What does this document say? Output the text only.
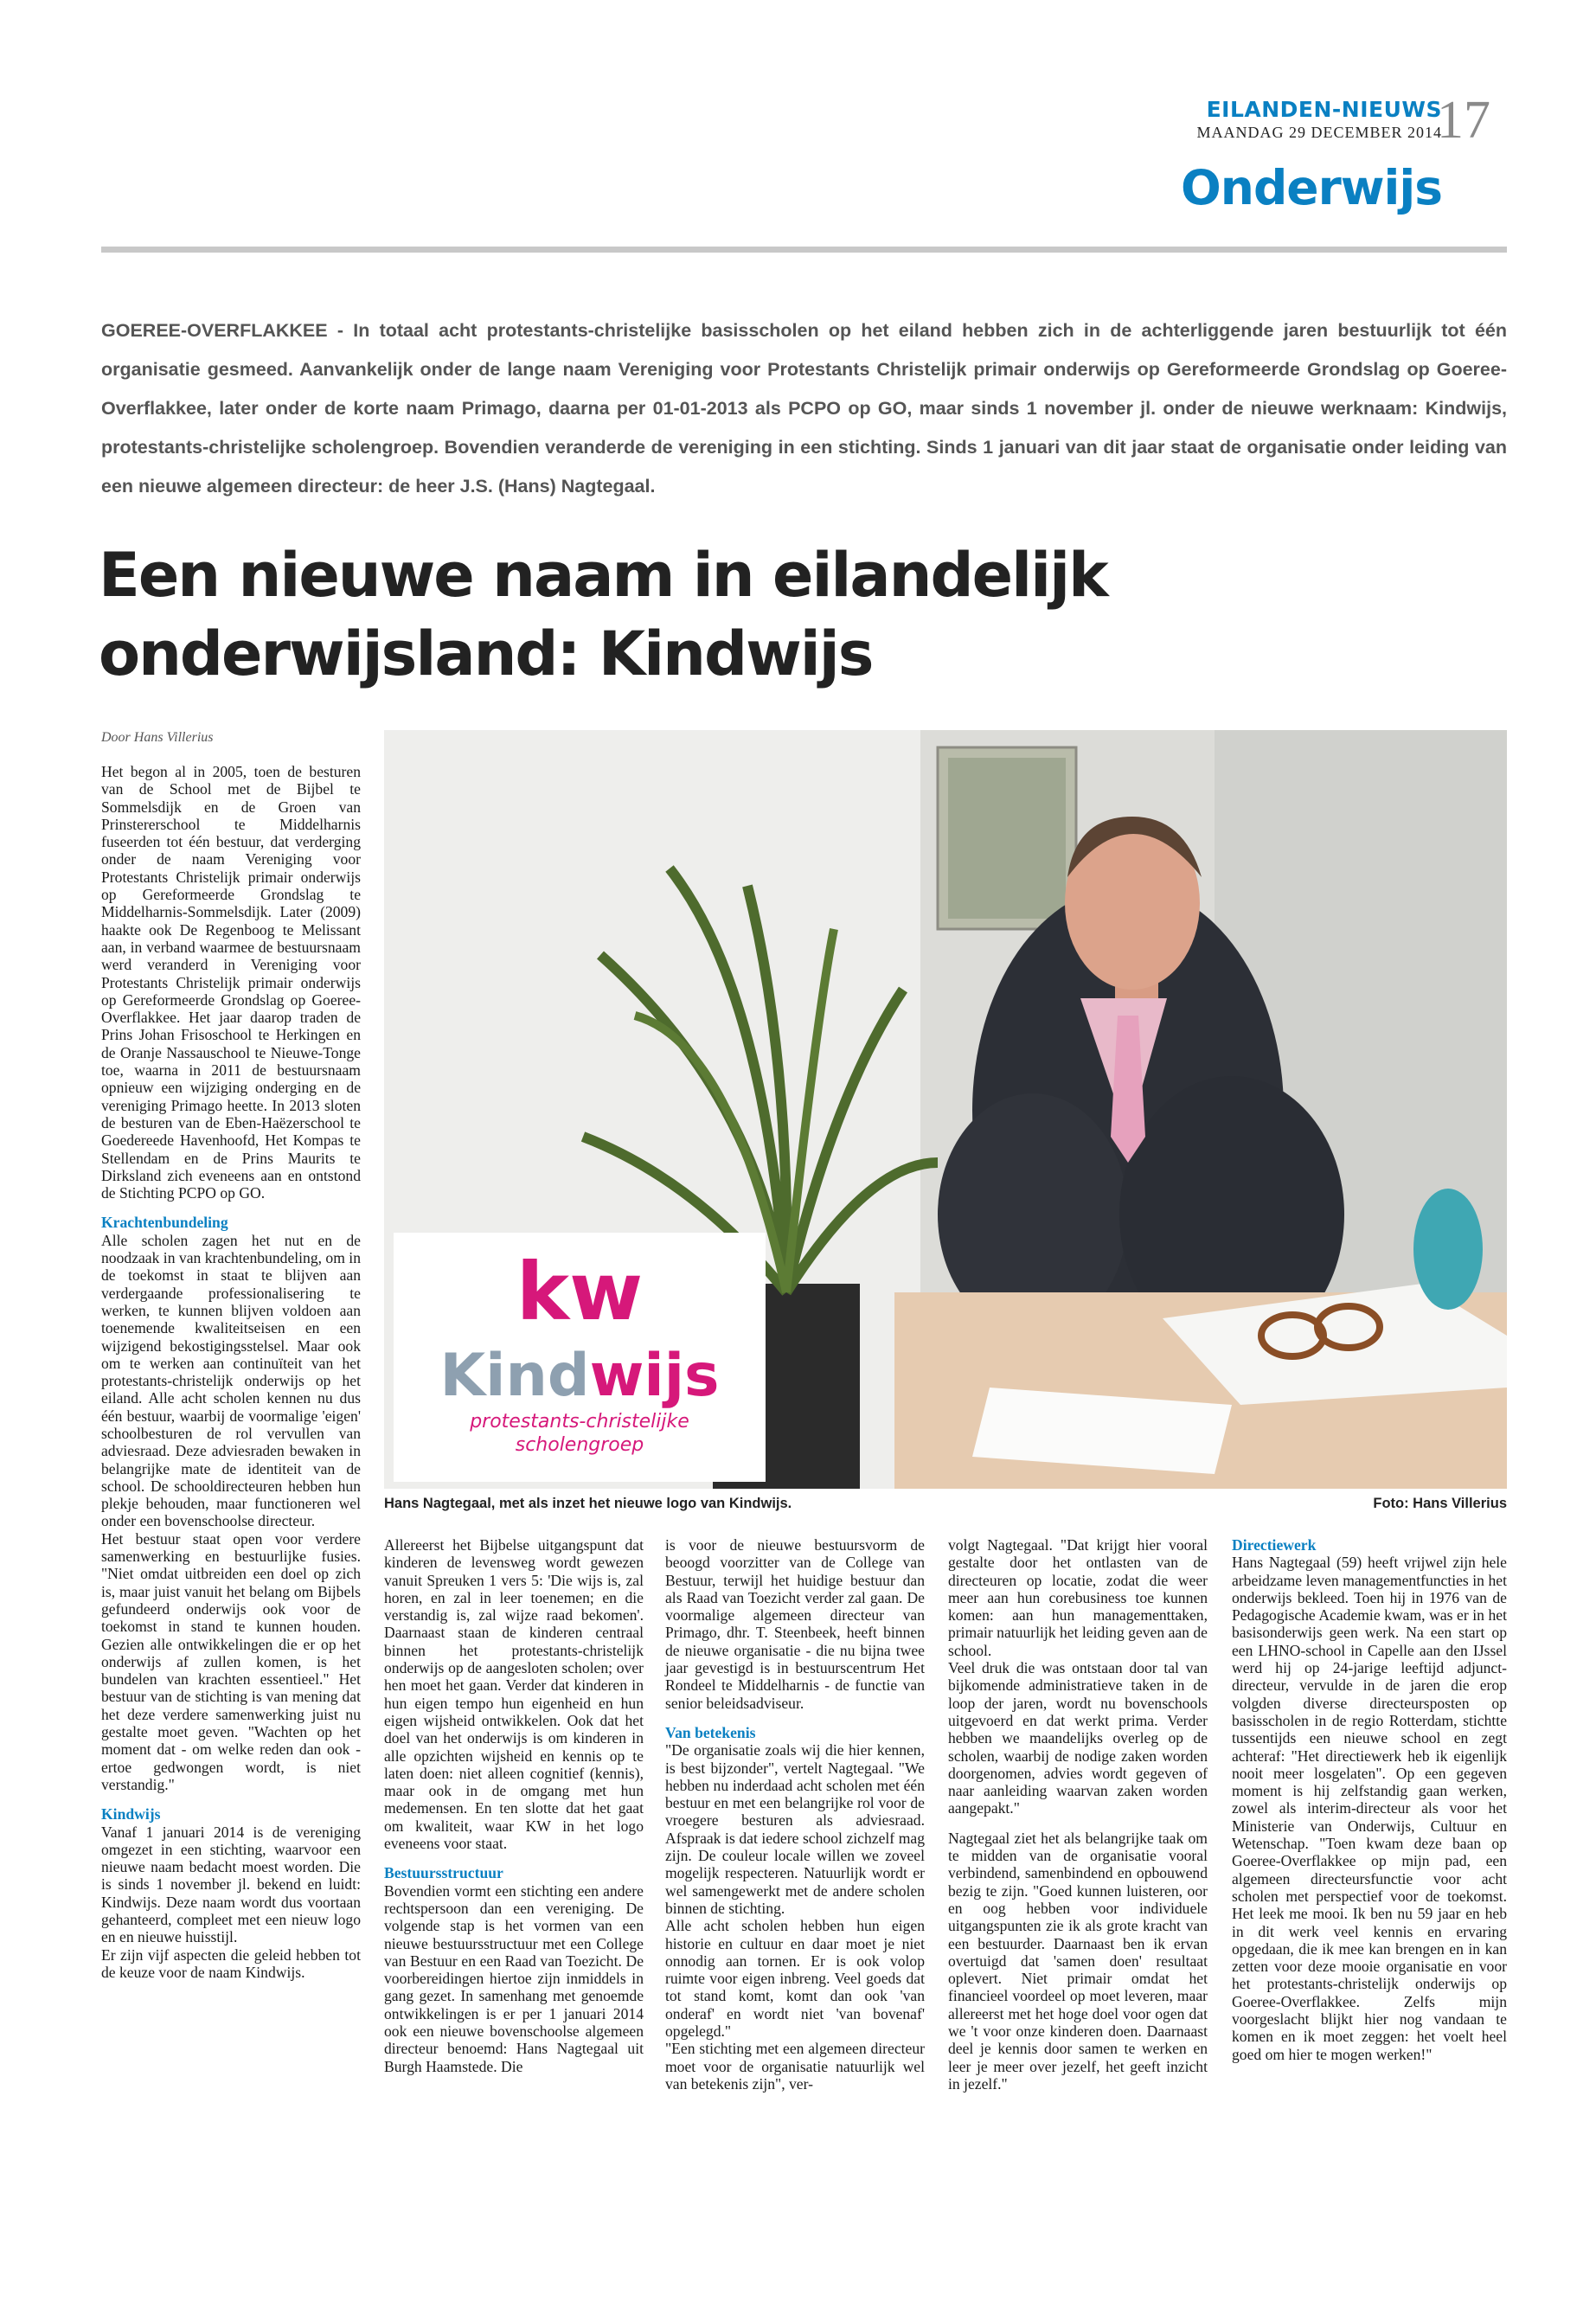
EILANDEN-NIEUWS
MAANDAG 29 DECEMBER 2014
17
Onderwijs
GOEREE-OVERFLAKKEE - In totaal acht protestants-christelijke basisscholen op het eiland hebben zich in de achterliggende jaren bestuurlijk tot één organisatie gesmeed. Aanvankelijk onder de lange naam Vereniging voor Protestants Christelijk primair onderwijs op Gereformeerde Grondslag op Goeree-Overflakkee, later onder de korte naam Primago, daarna per 01-01-2013 als PCPO op GO, maar sinds 1 november jl. onder de nieuwe werknaam: Kindwijs, protestants-christelijke scholengroep. Bovendien veranderde de vereniging in een stichting. Sinds 1 januari van dit jaar staat de organisatie onder leiding van een nieuwe algemeen directeur: de heer J.S. (Hans) Nagtegaal.
Een nieuwe naam in eilandelijk
onderwijsland: Kindwijs
Door Hans Villerius

Het begon al in 2005, toen de besturen van de School met de Bijbel te Sommelsdijk en de Groen van Prinstererschool te Middelharnis fuseerden tot één bestuur, dat verderging onder de naam Vereniging voor Protestants Christelijk primair onderwijs op Gereformeerde Grondslag te Middelharnis-Sommelsdijk. Later (2009) haakte ook De Regenboog te Melissant aan, in verband waarmee de bestuursnaam werd veranderd in Vereniging voor Protestants Christelijk primair onderwijs op Gereformeerde Grondslag op Goeree-Overflakkee. Het jaar daarop traden de Prins Johan Frisoschool te Herkingen en de Oranje Nassauschool te Nieuwe-Tonge toe, waarna in 2011 de bestuursnaam opnieuw een wijziging onderging en de vereniging Primago heette. In 2013 sloten de besturen van de Eben-Haëzerschool te Goedereede Havenhoofd, Het Kompas te Stellendam en de Prins Maurits te Dirksland zich eveneens aan en ontstond de Stichting PCPO op GO.

Krachtenbundeling

Alle scholen zagen het nut en de noodzaak in van krachtenbundeling, om in de toekomst in staat te blijven aan verdergaande professionalisering te werken, te kunnen blijven voldoen aan toenemende kwaliteitseisen en een wijzigend bekostigingsstelsel. Maar ook om te werken aan continuïteit van het protestants-christelijk onderwijs op het eiland. Alle acht scholen kennen nu dus één bestuur, waarbij de voormalige 'eigen' schoolbesturen de rol vervullen van adviesraad. Deze adviesraden bewaken in belangrijke mate de identiteit van de school. De schooldirecteuren hebben hun plekje behouden, maar functioneren wel onder een bovenschoolse directeur.

Het bestuur staat open voor verdere samenwerking en bestuurlijke fusies. "Niet omdat uitbreiden een doel op zich is, maar juist vanuit het belang om Bijbels gefundeerd onderwijs ook voor de toekomst in stand te kunnen houden. Gezien alle ontwikkelingen die er op het onderwijs af zullen komen, is het bundelen van krachten essentieel." Het bestuur van de stichting is van mening dat het deze verdere samenwerking juist nu gestalte moet geven. "Wachten op het moment dat - om welke reden dan ook - ertoe gedwongen wordt, is niet verstandig."

Kindwijs

Vanaf 1 januari 2014 is de vereniging omgezet in een stichting, waarvoor een nieuwe naam bedacht moest worden. Die is sinds 1 november jl. bekend en luidt: Kindwijs. Deze naam wordt dus voortaan gehanteerd, compleet met een nieuw logo en en nieuwe huisstijl.

Er zijn vijf aspecten die geleid hebben tot de keuze voor de naam Kindwijs.

kw
Kindwijs
protestants-christelijke
scholengroep
Hans Nagtegaal, met als inzet het nieuwe logo van Kindwijs.	Foto: Hans Villerius

Allereerst het Bijbelse uitgangspunt dat kinderen de levensweg wordt gewezen vanuit Spreuken 1 vers 5: 'Die wijs is, zal horen, en zal in leer toenemen; en die verstandig is, zal wijze raad bekomen'. Daarnaast staan de kinderen centraal binnen het protestants-christelijk onderwijs op de aangesloten scholen; over hen moet het gaan. Verder dat kinderen in hun eigen tempo hun eigenheid en hun eigen wijsheid ontwikkelen. Ook dat het doel van het onderwijs is om kinderen in alle opzichten wijsheid en kennis op te laten doen: niet alleen cognitief (kennis), maar ook in de omgang met hun medemensen. En ten slotte dat het gaat om kwaliteit, waar KW in het logo eveneens voor staat.

Bestuursstructuur

Bovendien vormt een stichting een andere rechtspersoon dan een vereniging. De volgende stap is het vormen van een nieuwe bestuursstructuur met een College van Bestuur en een Raad van Toezicht. De voorbereidingen hiertoe zijn inmiddels in gang gezet. In samenhang met genoemde ontwikkelingen is er per 1 januari 2014 ook een nieuwe bovenschoolse algemeen directeur benoemd: Hans Nagtegaal uit Burgh Haamstede. Die

is voor de nieuwe bestuursvorm de beoogd voorzitter van de College van Bestuur, terwijl het huidige bestuur dan als Raad van Toezicht verder zal gaan. De voormalige algemeen directeur van Primago, dhr. T. Steenbeek, heeft binnen de nieuwe organisatie - die nu bijna twee jaar gevestigd is in bestuurscentrum Het Rondeel te Middelharnis - de functie van senior beleidsadviseur.

Van betekenis

"De organisatie zoals wij die hier kennen, is best bijzonder", vertelt Nagtegaal. "We hebben nu inderdaad acht scholen met één bestuur en met een belangrijke rol voor de vroegere besturen als adviesraad. Afspraak is dat iedere school zichzelf mag zijn. De couleur locale willen we zoveel mogelijk respecteren. Natuurlijk wordt er wel samengewerkt met de andere scholen binnen de stichting.

Alle acht scholen hebben hun eigen historie en cultuur en daar moet je niet onnodig aan tornen. Er is ook volop ruimte voor eigen inbreng. Veel goeds dat tot stand komt, komt dan ook 'van onderaf' en wordt niet 'van bovenaf' opgelegd."

"Een stichting met een algemeen directeur moet voor de organisatie natuurlijk wel van betekenis zijn", ver-

volgt Nagtegaal. "Dat krijgt hier vooral gestalte door het ontlasten van de directeuren op locatie, zodat die weer meer aan hun corebusiness toe kunnen komen: aan hun managementtaken, primair natuurlijk het leiding geven aan de school.

Veel druk die was ontstaan door tal van bijkomende administratieve taken in de loop der jaren, wordt nu bovenschools uitgevoerd en dat werkt prima. Verder hebben we maandelijks overleg op de scholen, waarbij de nodige zaken worden doorgenomen, advies wordt gegeven of naar aanleiding waarvan zaken worden aangepakt."

Nagtegaal ziet het als belangrijke taak om te midden van de organisatie vooral verbindend, samenbindend en opbouwend bezig te zijn. "Goed kunnen luisteren, oor en oog hebben voor individuele uitgangspunten zie ik als grote kracht van een bestuurder. Daarnaast ben ik ervan overtuigd dat 'samen doen' resultaat oplevert. Niet primair omdat het financieel voordeel op moet leveren, maar allereerst met het hoge doel voor ogen dat we 't voor onze kinderen doen. Daarnaast deel je kennis door samen te werken en leer je meer over jezelf, het geeft inzicht in jezelf."

Directiewerk

Hans Nagtegaal (59) heeft vrijwel zijn hele arbeidzame leven managementfuncties in het onderwijs bekleed. Toen hij in 1976 van de Pedagogische Academie kwam, was er in het basisonderwijs geen werk. Na een start op een LHNO-school in Capelle aan den IJssel werd hij op 24-jarige leeftijd adjunct-directeur, vervulde in de jaren die erop volgden diverse directeursposten op basisscholen in de regio Rotterdam, stichtte tussentijds een nieuwe school en zegt achteraf: "Het directiewerk heb ik eigenlijk nooit meer losgelaten". Op een gegeven moment is hij zelfstandig gaan werken, zowel als interim-directeur als voor het Ministerie van Onderwijs, Cultuur en Wetenschap. "Toen kwam deze baan op Goeree-Overflakkee op mijn pad, een algemeen directeursfunctie voor acht scholen met perspectief voor de toekomst. Het leek me mooi. Ik ben nu 59 jaar en heb in dit werk veel kennis en ervaring opgedaan, die ik mee kan brengen en in kan zetten voor deze mooie organisatie en voor het protestants-christelijk onderwijs op Goeree-Overflakkee. Zelfs mijn voorgeslacht blijkt hier nog vandaan te komen en ik moet zeggen: het voelt heel goed om hier te mogen werken!"
